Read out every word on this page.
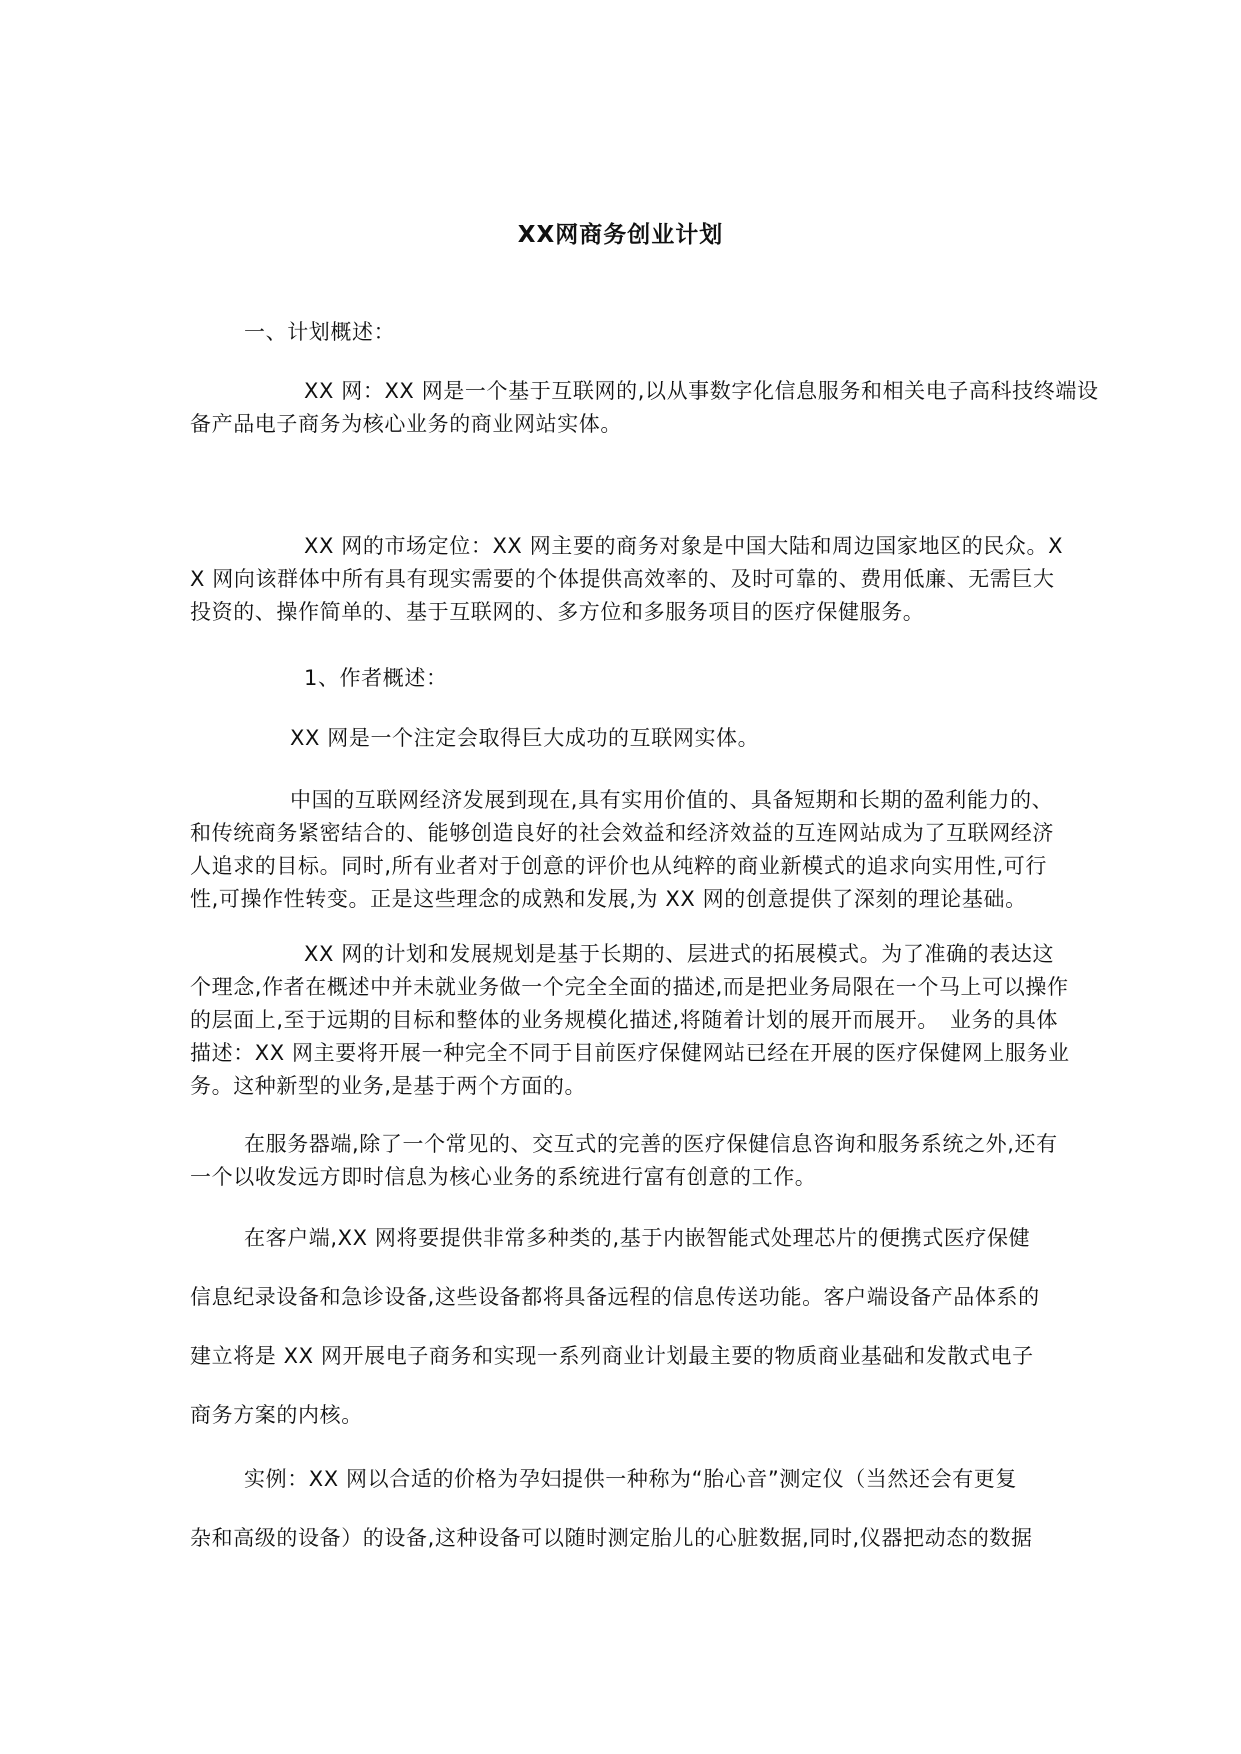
XX网商务创业计划

一、计划概述：

XX 网：XX 网是一个基于互联网的,以从事数字化信息服务和相关电子高科技终端设

备产品电子商务为核心业务的商业网站实体。

XX 网的市场定位：XX 网主要的商务对象是中国大陆和周边国家地区的民众。XX 网向该群体中所有具有现实需要的个体提供高效率的、及时可靠的、费用低廉、无需巨大投资的、操作简单的、基于互联网的、多方位和多服务项目的医疗保健服务。

1、作者概述：

XX 网是一个注定会取得巨大成功的互联网实体。

中国的互联网经济发展到现在,具有实用价值的、具备短期和长期的盈利能力的、和传统商务紧密结合的、能够创造良好的社会效益和经济效益的互连网站成为了互联网经济人追求的目标。同时,所有业者对于创意的评价也从纯粹的商业新模式的追求向实用性,可行性,可操作性转变。正是这些理念的成熟和发展,为 XX 网的创意提供了深刻的理论基础。

XX 网的计划和发展规划是基于长期的、层进式的拓展模式。为了准确的表达这个理念,作者在概述中并未就业务做一个完全全面的描述,而是把业务局限在一个马上可以操作的层面上,至于远期的目标和整体的业务规模化描述,将随着计划的展开而展开。　业务的具体描述：XX 网主要将开展一种完全不同于目前医疗保健网站已经在开展的医疗保健网上服务业务。这种新型的业务,是基于两个方面的。

在服务器端,除了一个常见的、交互式的完善的医疗保健信息咨询和服务系统之外,还有一个以收发远方即时信息为核心业务的系统进行富有创意的工作。

在客户端,XX 网将要提供非常多种类的,基于内嵌智能式处理芯片的便携式医疗保健

信息纪录设备和急诊设备,这些设备都将具备远程的信息传送功能。客户端设备产品体系的

建立将是 XX 网开展电子商务和实现一系列商业计划最主要的物质商业基础和发散式电子

商务方案的内核。

实例：XX 网以合适的价格为孕妇提供一种称为“胎心音”测定仪（当然还会有更复

杂和高级的设备）的设备,这种设备可以随时测定胎儿的心脏数据,同时,仪器把动态的数据
